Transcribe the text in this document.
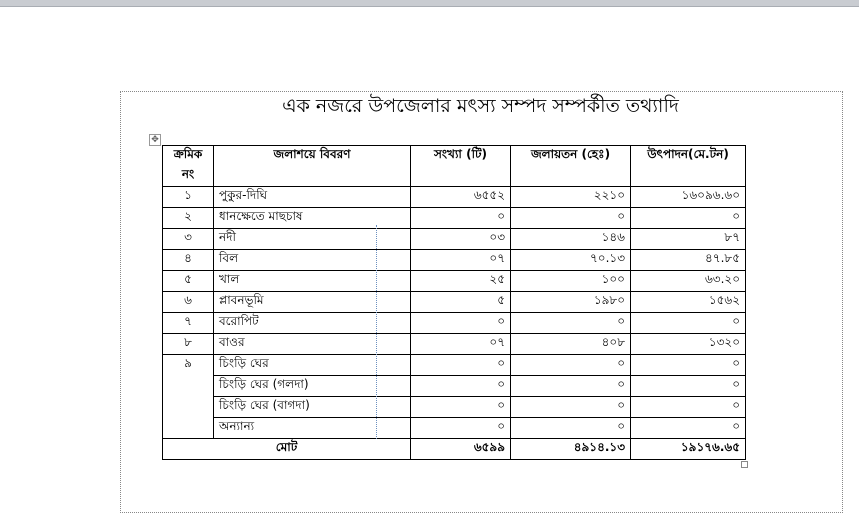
এক নজরে উপজেলার মৎস্য সম্পদ সম্পর্কীত তথ্যাদি
✥
ক্রমিক নং	জলাশয়ে বিবরণ	সংখ্যা (টি)	জলায়তন (হেঃ)	উৎপাদন(মে.টন)
১	পুকুর-দিঘি	৬৫৫২	২২১০	১৬০৯৬.৬০
২	ধানক্ষেতে মাছচাষ	০	০	০
৩	নদী	০৩	১৪৬	৮৭
৪	বিল	০৭	৭০.১৩	৪৭.৮৫
৫	খাল	২৫	১০০	৬৩.২০
৬	প্লাবনভূমি	৫	১৯৮০	১৫৬২
৭	বরোপিট	০	০	০
৮	বাওর	০৭	৪০৮	১৩২০
৯	চিংড়ি ঘের	০	০	০
	চিংড়ি ঘের (গলদা)	০	০	০
	চিংড়ি ঘের (বাগদা)	০	০	০
	অন্যান্য	০	০	০
মোট		৬৫৯৯	৪৯১৪.১৩	১৯১৭৬.৬৫
